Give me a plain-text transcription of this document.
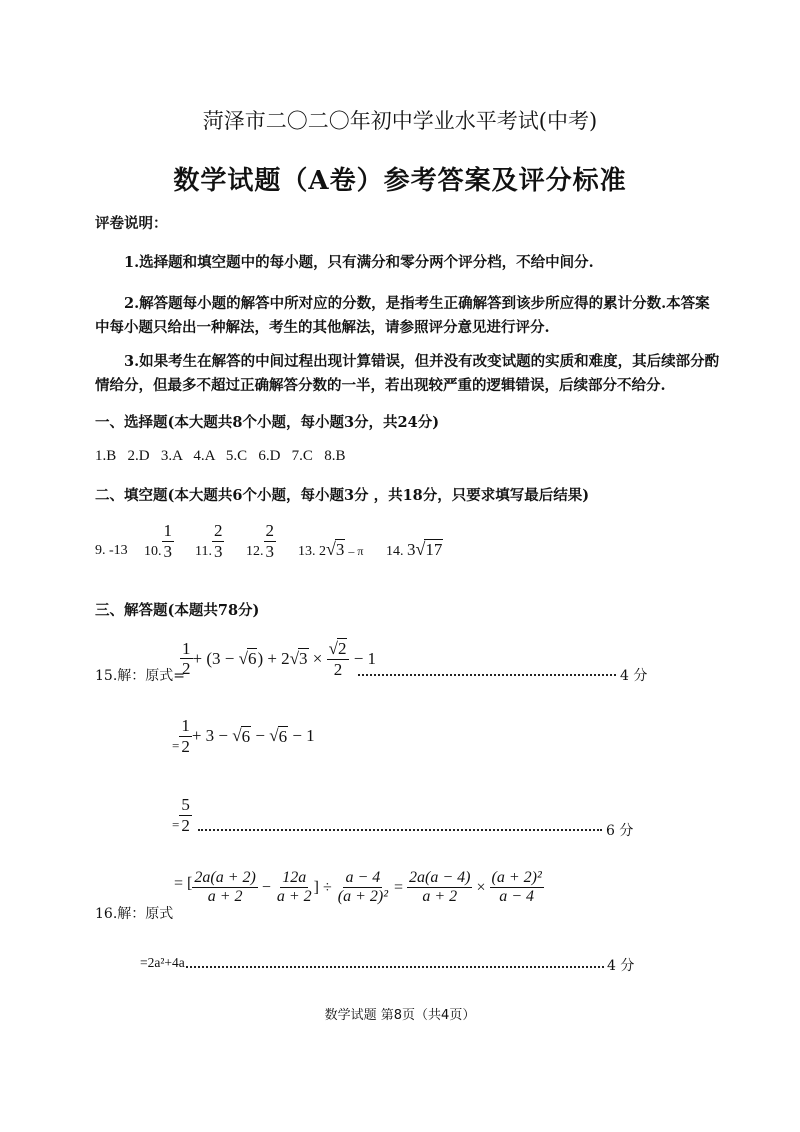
菏泽市二〇二〇年初中学业水平考试(中考)
数学试题（A卷）参考答案及评分标准
评卷说明：
1.选择题和填空题中的每小题，只有满分和零分两个评分档，不给中间分.
2.解答题每小题的解答中所对应的分数，是指考生正确解答到该步所应得的累计分数.本答案
中每小题只给出一种解法，考生的其他解法，请参照评分意见进行评分.
3.如果考生在解答的中间过程出现计算错误，但并没有改变试题的实质和难度，其后续部分酌
情给分，但最多不超过正确解答分数的一半，若出现较严重的逻辑错误，后续部分不给分.
一、选择题(本大题共8个小题，每小题3分，共24分)
1.B   2.D   3.A   4.A   5.C   6.D   7.C   8.B
二、填空题(本大题共6个小题，每小题3分 ，共18分，只要求填写最后结果)
9. -13 10. $\frac{1}{3} 11$. $\frac{2}{3} 12$. $\frac{2}{3} 13$. 2√3 – π 14. 3√17
三、解答题(本题共78分)
15.解：原式=
$\frac{1}{2} + (3$ − √ 6 ) + 2 √ $3 \times \frac{√2}{2} - 1$
4 分
= $\frac{1}{2} + 3$ − √ 6 − √ 6 − 1
= $\frac{5}{2}$	6 分
16.解：原式
= [ $\frac{2a(a + 2)}{a + 2} - \frac{12a}{a + 2}$ ] ÷ $\frac{a - 4}{\text{(a + 2)²}} = \frac{2a(a - 4)}{a + 2} \times \frac{\text{(a + 2)²}}{a - 4}$
=2a²+4a	4 分
数学试题 第8页（共4页）
